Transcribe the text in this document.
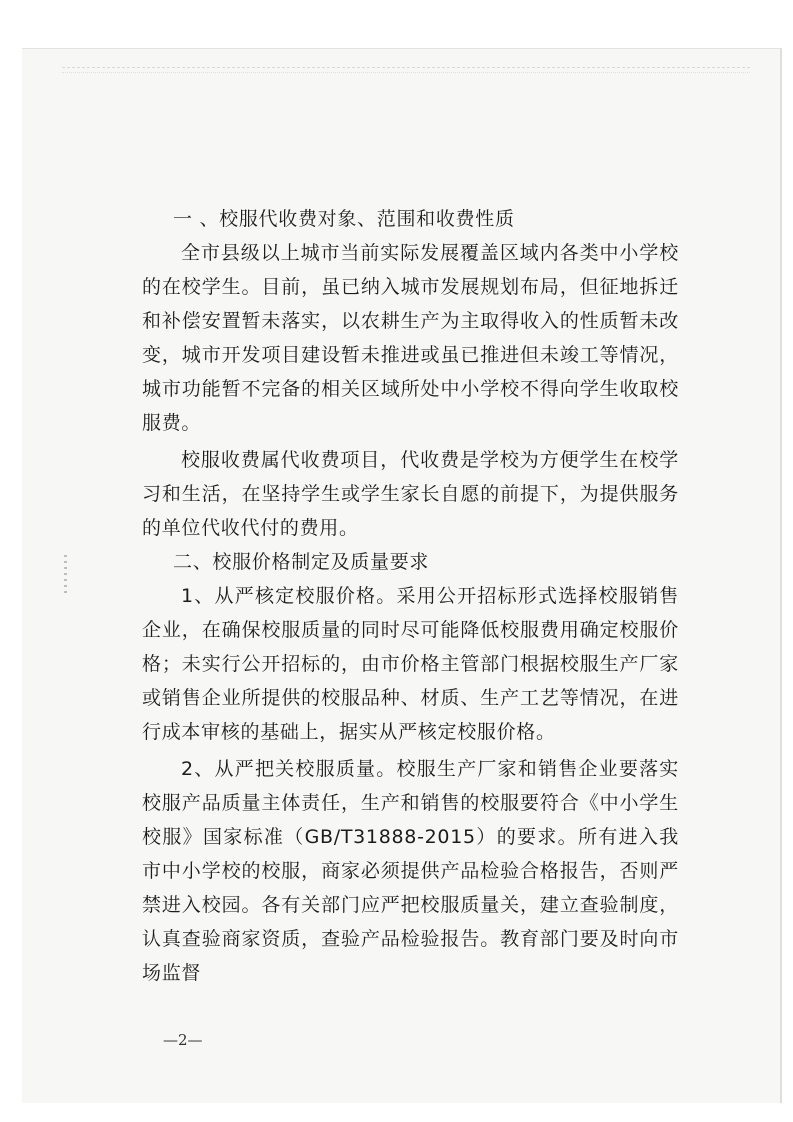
一 、校服代收费对象、范围和收费性质

全市县级以上城市当前实际发展覆盖区域内各类中小学校的在校学生。目前，虽已纳入城市发展规划布局，但征地拆迁和补偿安置暂未落实，以农耕生产为主取得收入的性质暂未改变，城市开发项目建设暂未推进或虽已推进但未竣工等情况，城市功能暂不完备的相关区域所处中小学校不得向学生收取校服费。

校服收费属代收费项目，代收费是学校为方便学生在校学习和生活，在坚持学生或学生家长自愿的前提下，为提供服务的单位代收代付的费用。

二、校服价格制定及质量要求

1、从严核定校服价格。采用公开招标形式选择校服销售企业，在确保校服质量的同时尽可能降低校服费用确定校服价格；未实行公开招标的，由市价格主管部门根据校服生产厂家或销售企业所提供的校服品种、材质、生产工艺等情况，在进行成本审核的基础上，据实从严核定校服价格。

2、从严把关校服质量。校服生产厂家和销售企业要落实校服产品质量主体责任，生产和销售的校服要符合《中小学生校服》国家标准（GB/T31888-2015）的要求。所有进入我市中小学校的校服，商家必须提供产品检验合格报告，否则严禁进入校园。各有关部门应严把校服质量关，建立查验制度，认真查验商家资质，查验产品检验报告。教育部门要及时向市场监督

—2—
